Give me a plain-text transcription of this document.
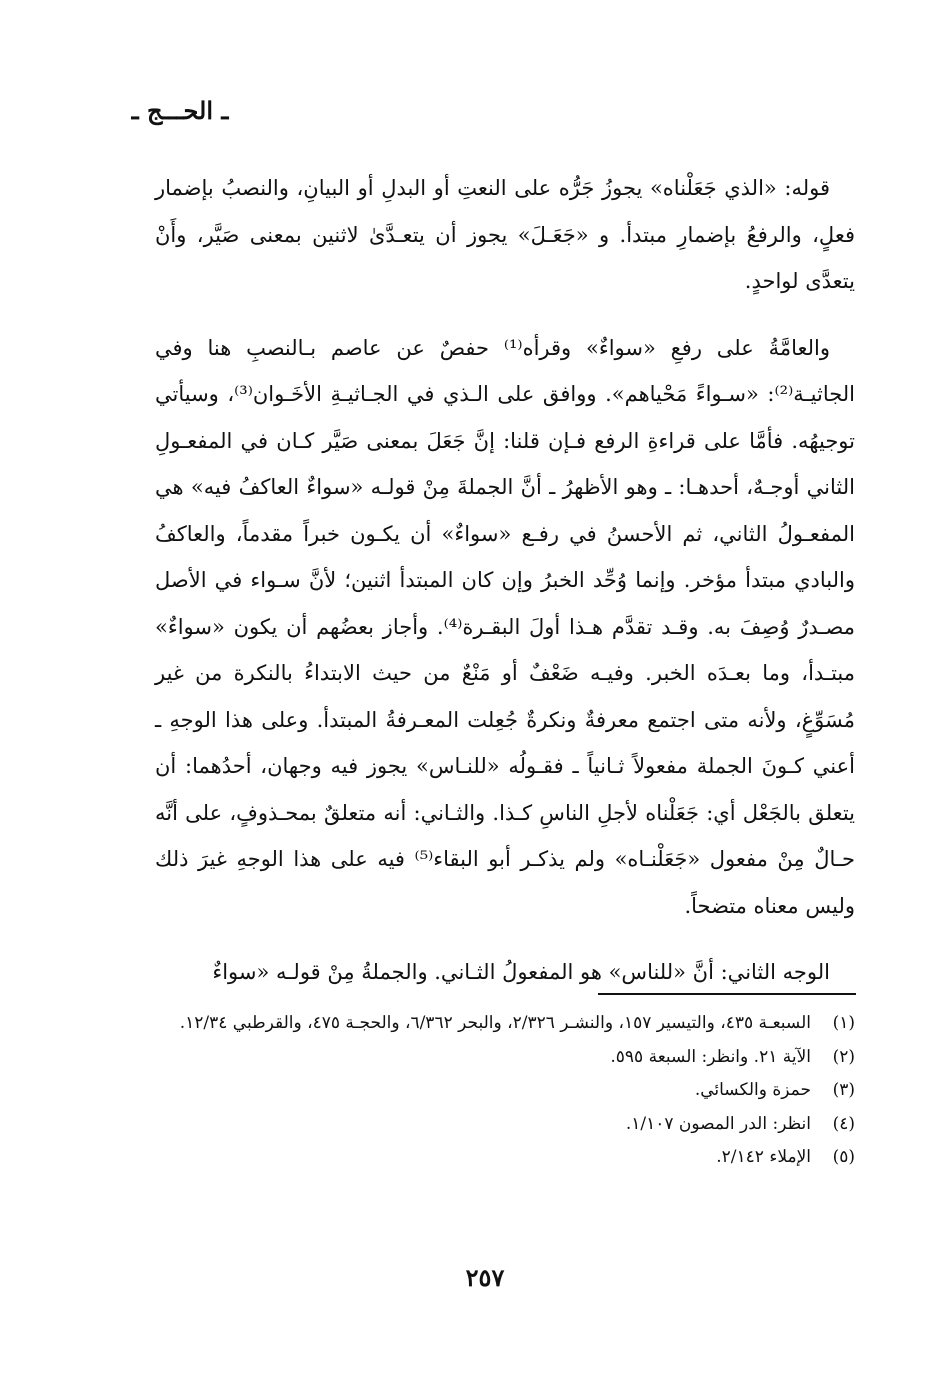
ـ الحـــج ـ

قوله: «الذي جَعَلْناه» يجوزُ جَرُّه على النعتِ أو البدلِ أو البيانِ، والنصبُ بإضمار فعلٍ، والرفعُ بإضمارِ مبتدأ. و «جَعَـلَ» يجوز أن يتعـدَّىٰ لاثنين بمعنى صَيَّر، وأَنْ يتعدَّى لواحدٍ.

والعامَّةُ على رفعِ «سواءٌ» وقرأه⁽¹⁾ حفصٌ عن عاصم بـالنصبِ هنا وفي الجاثيـة⁽²⁾: «سـواءً مَحْياهم». ووافق على الـذي في الجـاثيـةِ الأخَـوان⁽³⁾، وسيأتي توجيهُه. فأمَّا على قراءةِ الرفع فـإن قلنا: إنَّ جَعَلَ بمعنى صَيَّر كـان في المفعـولِ الثاني أوجـهٌ، أحدهـا: ـ وهو الأظهرُ ـ أنَّ الجملةَ مِنْ قولـه «سواءٌ العاكفُ فيه» هي المفعـولُ الثاني، ثم الأحسنُ في رفـع «سواءٌ» أن يكـون خبراً مقدماً، والعاكفُ والبادي مبتدأ مؤخر. وإنما وُحِّد الخبرُ وإن كان المبتدأ اثنين؛ لأنَّ سـواء في الأصل مصـدرٌ وُصِفَ به. وقـد تقدَّم هـذا أولَ البقـرة⁽⁴⁾. وأجاز بعضُهم أن يكون «سواءٌ» مبتـدأ، وما بعـدَه الخبر. وفيـه ضَعْفٌ أو مَنْعٌ من حيث الابتداءُ بالنكرة من غير مُسَوِّغٍ، ولأنه متى اجتمع معرفةٌ ونكرةٌ جُعِلت المعـرفةُ المبتدأ. وعلى هذا الوجهِ ـ أعني كـونَ الجملة مفعولاً ثـانياً ـ فقـولُه «للنـاس» يجوز فيه وجهان، أحدُهما: أن يتعلق بالجَعْل أي: جَعَلْناه لأجلِ الناسِ كـذا. والثـاني: أنه متعلقٌ بمحـذوفٍ، على أنَّه حـالٌ مِنْ مفعول «جَعَلْنـاه» ولم يذكـر أبو البقاء⁽⁵⁾ فيه على هذا الوجهِ غيرَ ذلك وليس معناه متضحاً.

الوجه الثاني: أنَّ «للناس» هو المفعولُ الثـاني. والجملةُ مِنْ قولـه «سواءٌ

(١)
السبعـة ٤٣٥، والتيسير ١٥٧، والنشـر ٢/٣٢٦، والبحر ٦/٣٦٢، والحجـة ٤٧٥، والقرطبي ١٢/٣٤.
(٢)
الآية ٢١. وانظر: السبعة ٥٩٥.
(٣)
حمزة والكسائي.
(٤)
انظر: الدر المصون ١/١٠٧.
(٥)
الإملاء ٢/١٤٢.
٢٥٧
